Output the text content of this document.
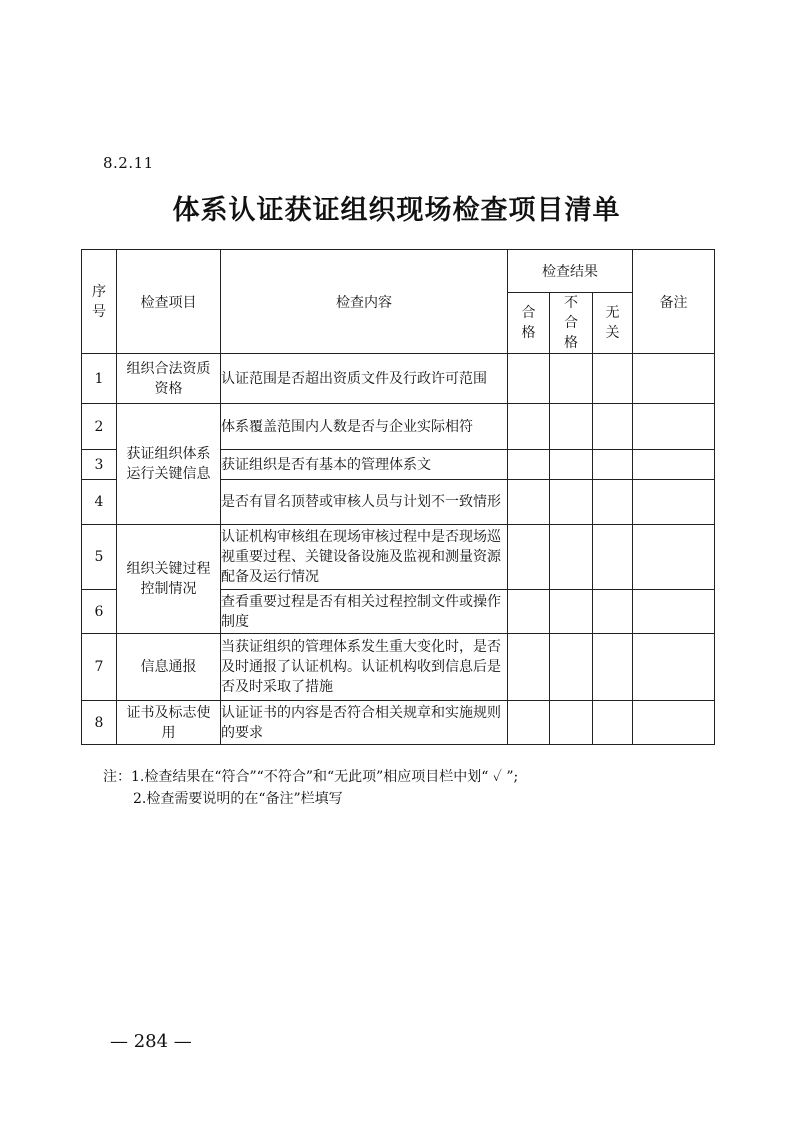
8.2.11
体系认证获证组织现场检查项目清单
序号	检查项目	检查内容	检查结果			备注
			合格	不合格	无关	
1	组织合法资质资格	认证范围是否超出资质文件及行政许可范围				
2	获证组织体系运行关键信息	体系覆盖范围内人数是否与企业实际相符				
3		获证组织是否有基本的管理体系文				
4		是否有冒名顶替或审核人员与计划不一致情形				
5	组织关键过程控制情况	认证机构审核组在现场审核过程中是否现场巡视重要过程、关键设备设施及监视和测量资源配备及运行情况				
6		查看重要过程是否有相关过程控制文件或操作制度				
7	信息通报	当获证组织的管理体系发生重大变化时，是否及时通报了认证机构。认证机构收到信息后是否及时采取了措施				
8	证书及标志使用	认证证书的内容是否符合相关规章和实施规则的要求				
注：1.检查结果在“符合”“不符合”和“无此项”相应项目栏中划“ ✓ ”;
2.检查需要说明的在“备注”栏填写
— 284 —
